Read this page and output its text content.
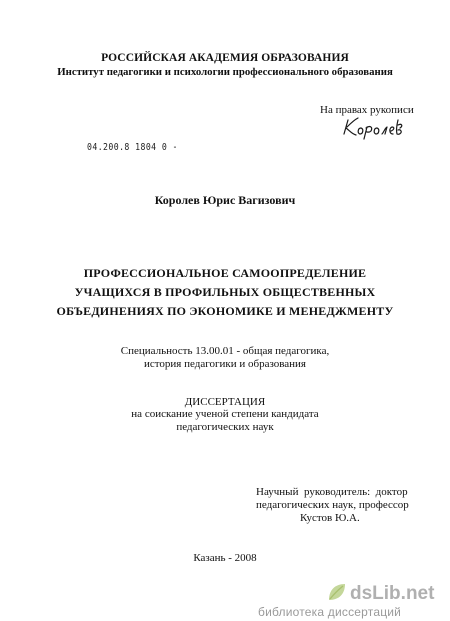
РОССИЙСКАЯ АКАДЕМИЯ ОБРАЗОВАНИЯ
Институт педагогики и психологии профессионального образования
На правах рукописи
04.200.8 1804 0 -
Королев Юрис Вагизович
ПРОФЕССИОНАЛЬНОЕ САМООПРЕДЕЛЕНИЕ
УЧАЩИХСЯ В ПРОФИЛЬНЫХ ОБЩЕСТВЕННЫХ
ОБЪЕДИНЕНИЯХ ПО ЭКОНОМИКЕ И МЕНЕДЖМЕНТУ
Специальность 13.00.01 - общая педагогика,
история педагогики и образования
ДИССЕРТАЦИЯ
на соискание ученой степени кандидата
педагогических наук
Научный  руководитель:  доктор
педагогических наук, профессор
Кустов Ю.А.
Казань - 2008
dsLib.net
библиотека диссертаций
